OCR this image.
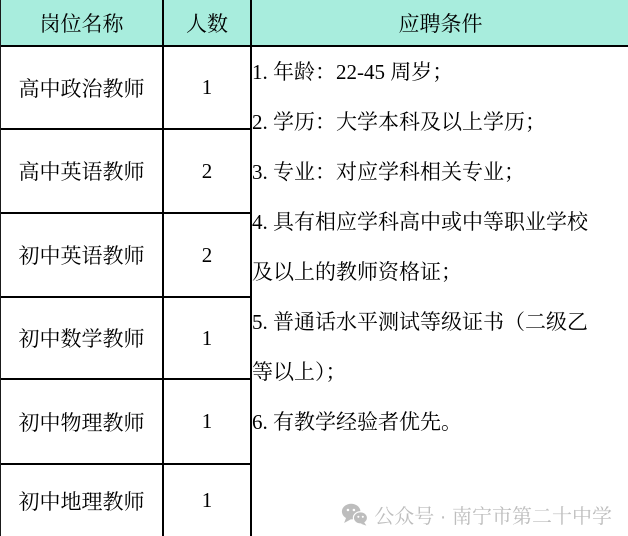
岗位名称	人数	应聘条件
高中政治教师	1	
1. 年龄：22-45 周岁；
2. 学历：大学本科及以上学历；
3. 专业：对应学科相关专业；
4. 具有相应学科高中或中等职业学校及以上的教师资格证；
5. 普通话水平测试等级证书（二级乙等以上）；
6. 有教学经验者优先。

高中英语教师	2	
初中英语教师	2	
初中数学教师	1	
初中物理教师	1	
初中地理教师	1	
公众号 · 南宁市第二十中学
